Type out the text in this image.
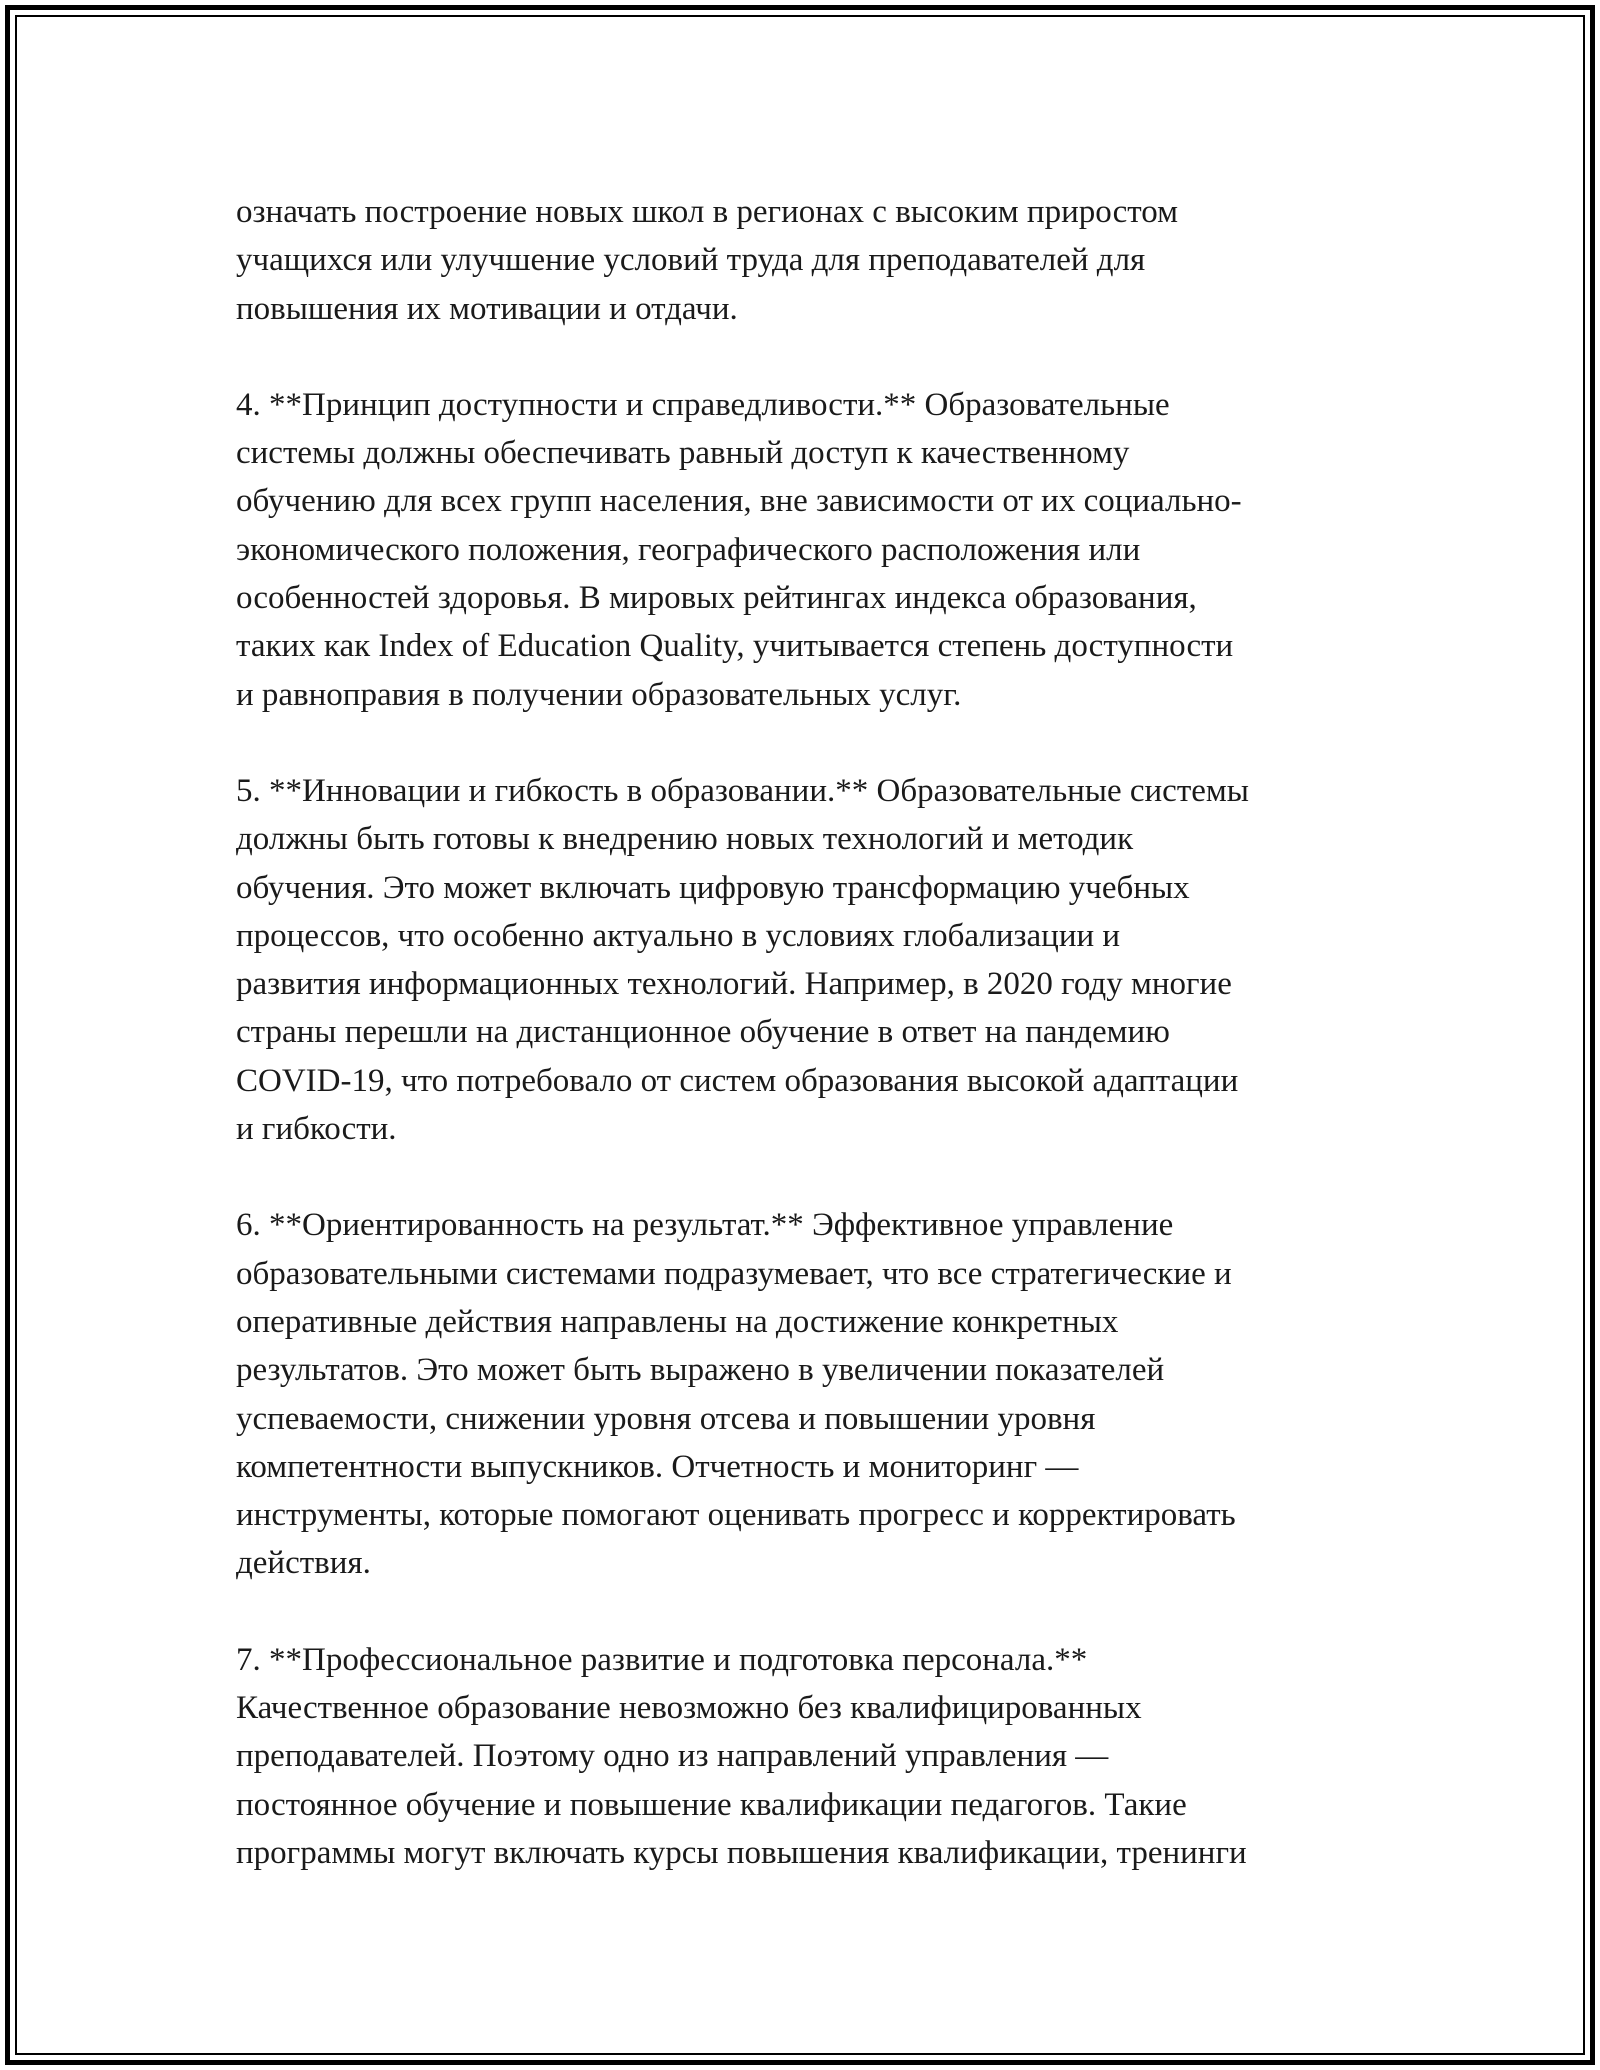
означать построение новых школ в регионах с высоким приростом
учащихся или улучшение условий труда для преподавателей для
повышения их мотивации и отдачи.

4. **Принцип доступности и справедливости.** Образовательные
системы должны обеспечивать равный доступ к качественному
обучению для всех групп населения, вне зависимости от их социально-
экономического положения, географического расположения или
особенностей здоровья. В мировых рейтингах индекса образования,
таких как Index of Education Quality, учитывается степень доступности
и равноправия в получении образовательных услуг.

5. **Инновации и гибкость в образовании.** Образовательные системы
должны быть готовы к внедрению новых технологий и методик
обучения. Это может включать цифровую трансформацию учебных
процессов, что особенно актуально в условиях глобализации и
развития информационных технологий. Например, в 2020 году многие
страны перешли на дистанционное обучение в ответ на пандемию
COVID-19, что потребовало от систем образования высокой адаптации
и гибкости.

6. **Ориентированность на результат.** Эффективное управление
образовательными системами подразумевает, что все стратегические и
оперативные действия направлены на достижение конкретных
результатов. Это может быть выражено в увеличении показателей
успеваемости, снижении уровня отсева и повышении уровня
компетентности выпускников. Отчетность и мониторинг —
инструменты, которые помогают оценивать прогресс и корректировать
действия.

7. **Профессиональное развитие и подготовка персонала.**
Качественное образование невозможно без квалифицированных
преподавателей. Поэтому одно из направлений управления —
постоянное обучение и повышение квалификации педагогов. Такие
программы могут включать курсы повышения квалификации, тренинги
